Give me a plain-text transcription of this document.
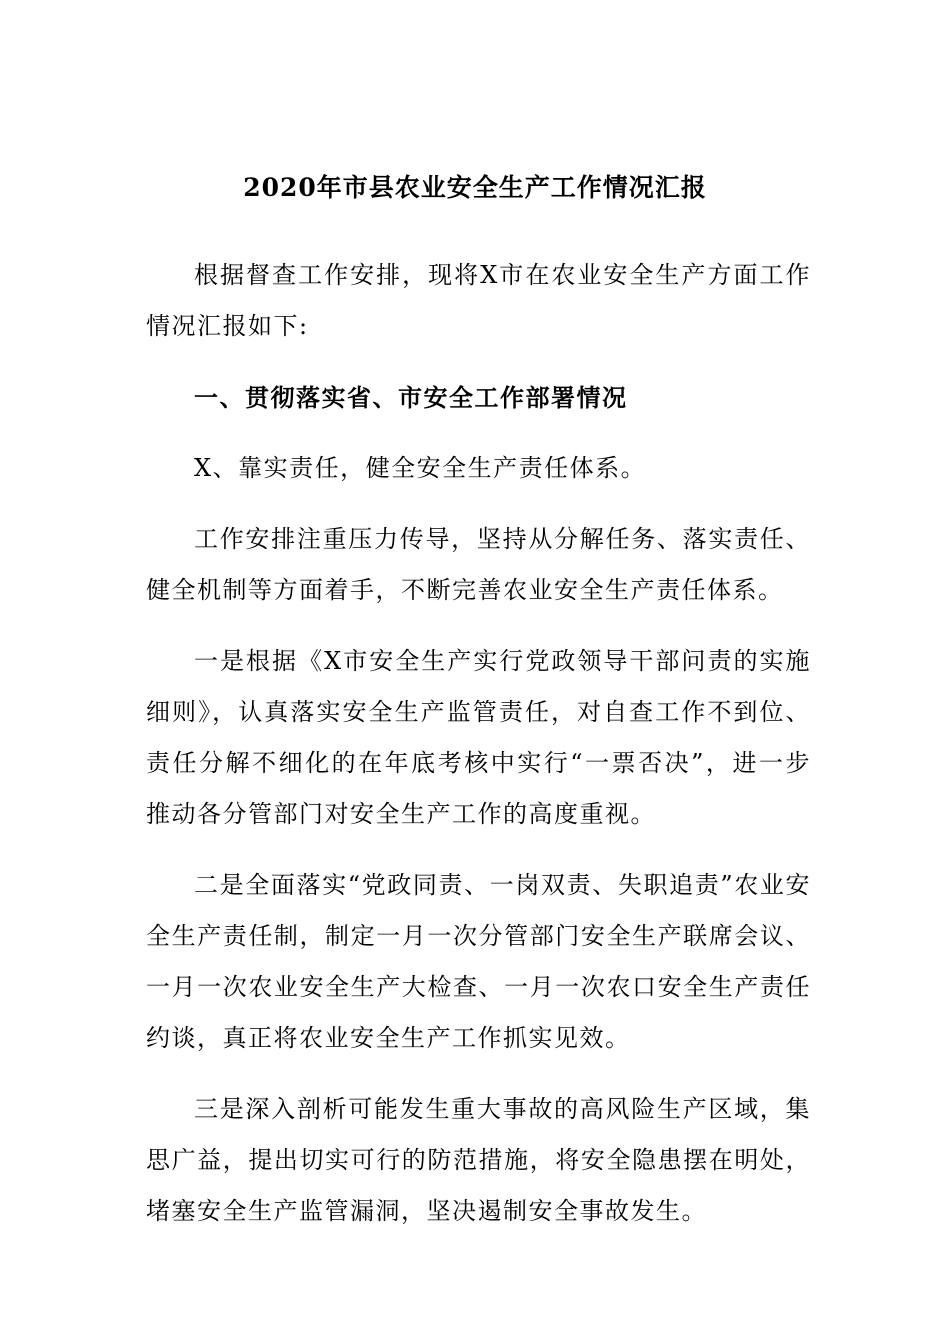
2020年市县农业安全生产工作情况汇报

根据督查工作安排，现将X市在农业安全生产方面工作情况汇报如下:

一、贯彻落实省、市安全工作部署情况

X、靠实责任，健全安全生产责任体系。

工作安排注重压力传导，坚持从分解任务、落实责任、健全机制等方面着手，不断完善农业安全生产责任体系。

一是根据《X市安全生产实行党政领导干部问责的实施细则》，认真落实安全生产监管责任，对自查工作不到位、责任分解不细化的在年底考核中实行“一票否决”，进一步推动各分管部门对安全生产工作的高度重视。

二是全面落实“党政同责、一岗双责、失职追责”农业安全生产责任制，制定一月一次分管部门安全生产联席会议、一月一次农业安全生产大检查、一月一次农口安全生产责任约谈，真正将农业安全生产工作抓实见效。

三是深入剖析可能发生重大事故的高风险生产区域，集思广益，提出切实可行的防范措施，将安全隐患摆在明处，堵塞安全生产监管漏洞，坚决遏制安全事故发生。
